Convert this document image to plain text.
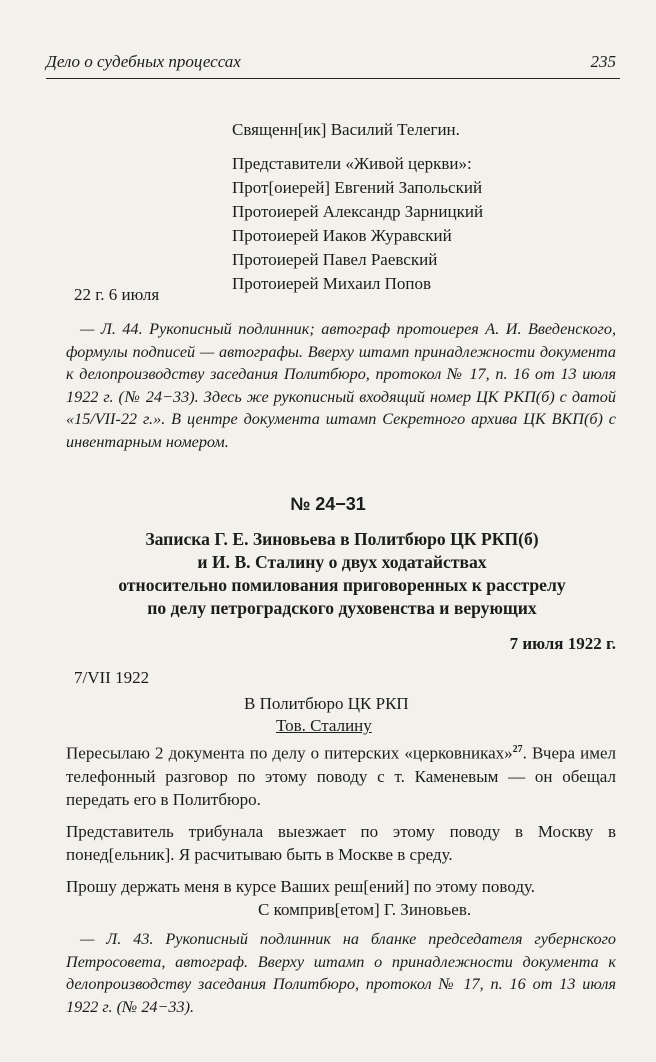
Дело о судебных процессах	235
Священн[ик] Василий Телегин.
Представители «Живой церкви»:
Прот[оиерей] Евгений Запольский
Протоиерей Александр Зарницкий
Протоиерей Иаков Журавский
Протоиерей Павел Раевский
Протоиерей Михаил Попов
22 г. 6 июля

— Л. 44. Рукописный подлинник; автограф протоиерея А. И. Введенского, формулы подписей — автографы. Вверху штамп принадлежности документа к делопроизводству заседания Политбюро, протокол № 17, п. 16 от 13 июля 1922 г. (№ 24−33). Здесь же рукописный входящий номер ЦК РКП(б) с датой «15/VII-22 г.». В центре документа штамп Секретного архива ЦК ВКП(б) с инвентарным номером.

№ 24−31
Записка Г. Е. Зиновьева в Политбюро ЦК РКП(б)
и И. В. Сталину о двух ходатайствах
относительно помилования приговоренных к расстрелу
по делу петроградского духовенства и верующих
7 июля 1922 г.
7/VII 1922
В Политбюро ЦК РКП
Тов. Сталину

Пересылаю 2 документа по делу о питерских «церковниках»$^{27}$. Вчера имел телефонный разговор по этому поводу с т. Каменевым — он обещал передать его в Политбюро.

Представитель трибунала выезжает по этому поводу в Москву в понед[ельник]. Я расчитываю быть в Москве в среду.

Прошу держать меня в курсе Ваших реш[ений] по этому поводу.

С комприв[етом] Г. Зиновьев.

— Л. 43. Рукописный подлинник на бланке председателя губернского Петросовета, автограф. Вверху штамп о принадлежности документа к делопроизводству заседания Политбюро, протокол № 17, п. 16 от 13 июля 1922 г. (№ 24−33).
